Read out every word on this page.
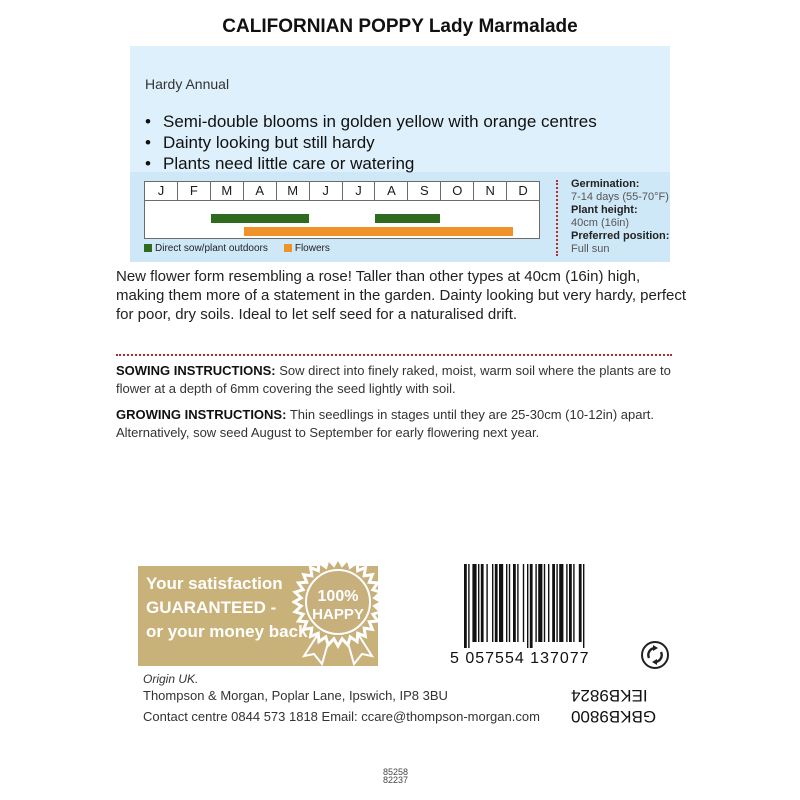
CALIFORNIAN POPPY Lady Marmalade
Hardy Annual
• Semi-double blooms in golden yellow with orange centres
• Dainty looking but still hardy
• Plants need little care or watering
J	F	M	A	M	J	J	A	S	O	N	D
Direct sow/plant outdoors	Flowers
Germination:
7-14 days (55-70°F)
Plant height:
40cm (16in)
Preferred position:
Full sun
New flower form resembling a rose! Taller than other types at 40cm (16in) high, making them more of a statement in the garden. Dainty looking but very hardy, perfect for poor, dry soils. Ideal to let self seed for a naturalised drift.
SOWING INSTRUCTIONS: Sow direct into finely raked, moist, warm soil where the plants are to flower at a depth of 6mm covering the seed lightly with soil.
GROWING INSTRUCTIONS: Thin seedlings in stages until they are 25-30cm (10-12in) apart. Alternatively, sow seed August to September for early flowering next year.
Your satisfaction
GUARANTEED -
or your money back
100%
HAPPY
Origin UK.
Thompson & Morgan, Poplar Lane, Ipswich, IP8 3BU
Contact centre 0844 573 1818 Email: ccare@thompson-morgan.com
5 057554 137077
IEKB9824
GBKB9800
85258
82237
